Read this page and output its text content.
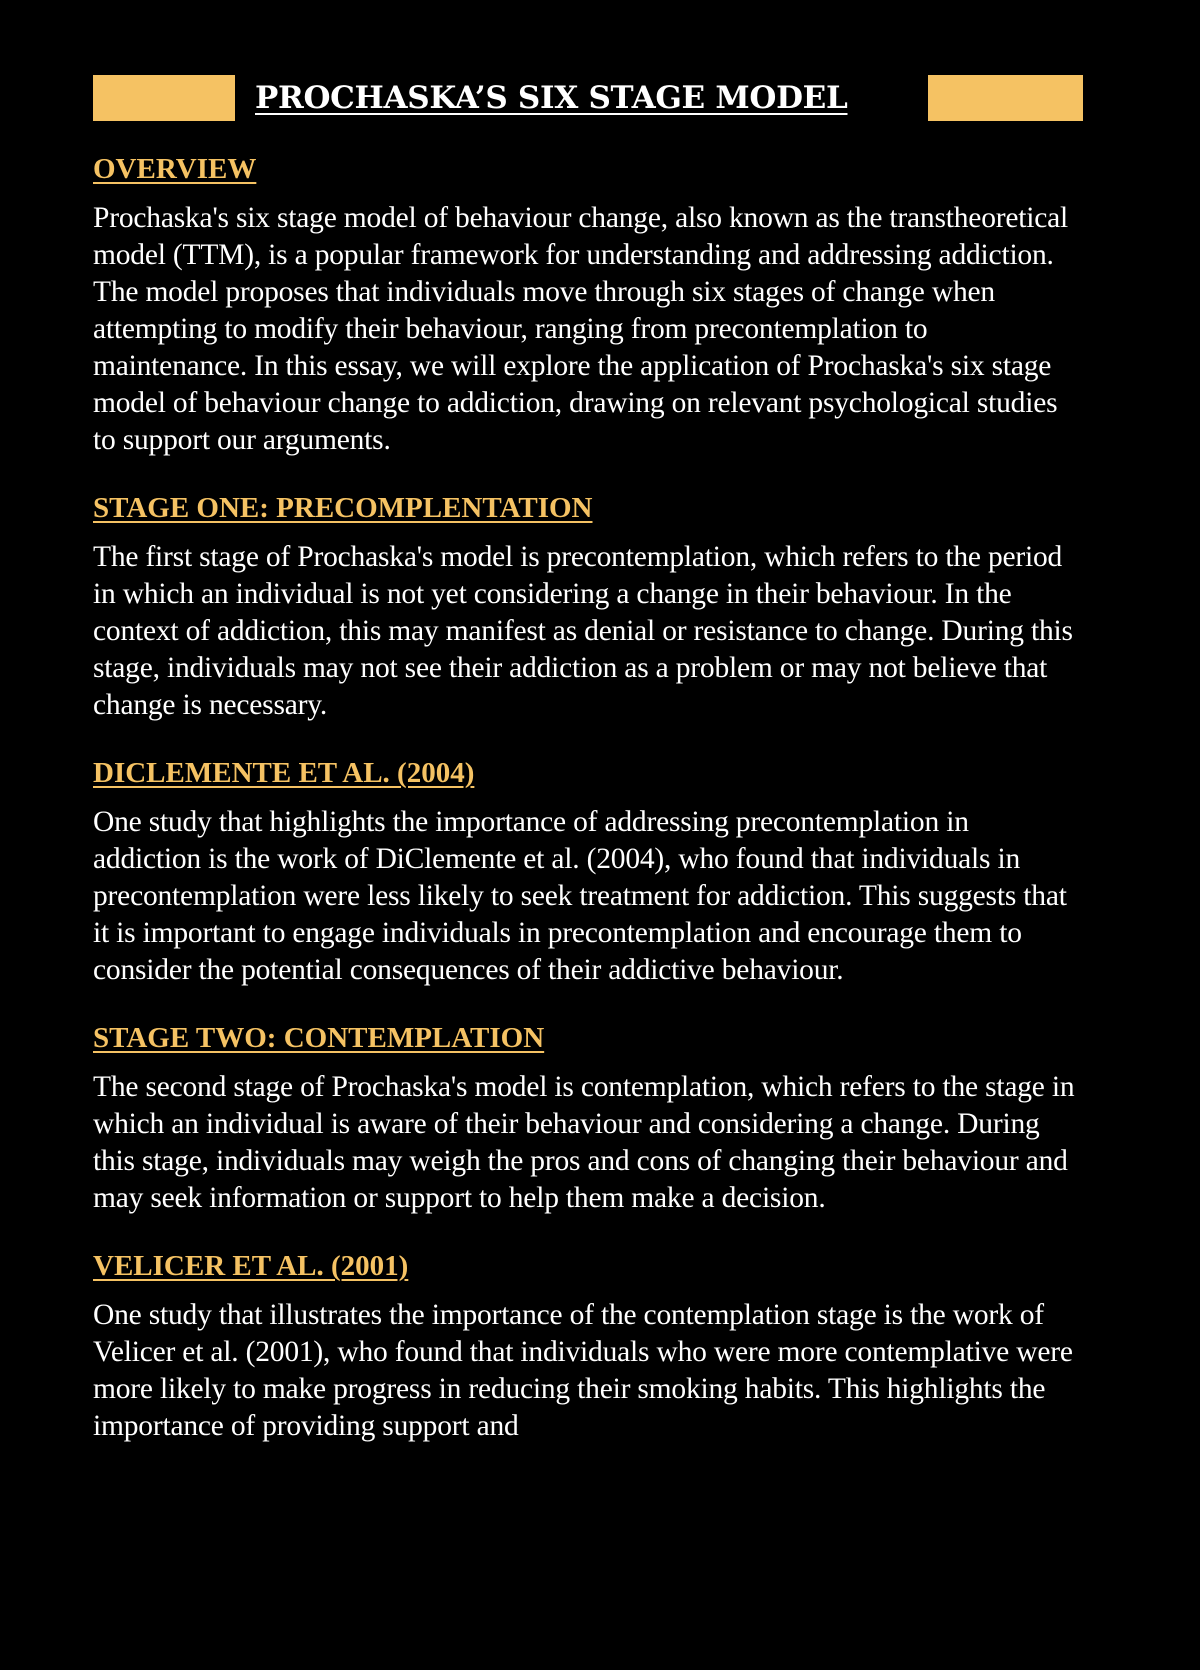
PROCHASKA’S SIX STAGE MODEL
OVERVIEW

Prochaska's six stage model of behaviour change, also known as the transtheoretical model (TTM), is a popular framework for understanding and addressing addiction. The model proposes that individuals move through six stages of change when attempting to modify their behaviour, ranging from precontemplation to maintenance. In this essay, we will explore the application of Prochaska's six stage model of behaviour change to addiction, drawing on relevant psychological studies to support our arguments.

STAGE ONE: PRECOMPLENTATION

The first stage of Prochaska's model is precontemplation, which refers to the period in which an individual is not yet considering a change in their behaviour. In the context of addiction, this may manifest as denial or resistance to change. During this stage, individuals may not see their addiction as a problem or may not believe that change is necessary.

DICLEMENTE ET AL. (2004)

One study that highlights the importance of addressing precontemplation in addiction is the work of DiClemente et al. (2004), who found that individuals in precontemplation were less likely to seek treatment for addiction. This suggests that it is important to engage individuals in precontemplation and encourage them to consider the potential consequences of their addictive behaviour.

STAGE TWO: CONTEMPLATION

The second stage of Prochaska's model is contemplation, which refers to the stage in which an individual is aware of their behaviour and considering a change. During this stage, individuals may weigh the pros and cons of changing their behaviour and may seek information or support to help them make a decision.

VELICER ET AL. (2001)

One study that illustrates the importance of the contemplation stage is the work of Velicer et al. (2001), who found that individuals who were more contemplative were more likely to make progress in reducing their smoking habits. This highlights the importance of providing support and
